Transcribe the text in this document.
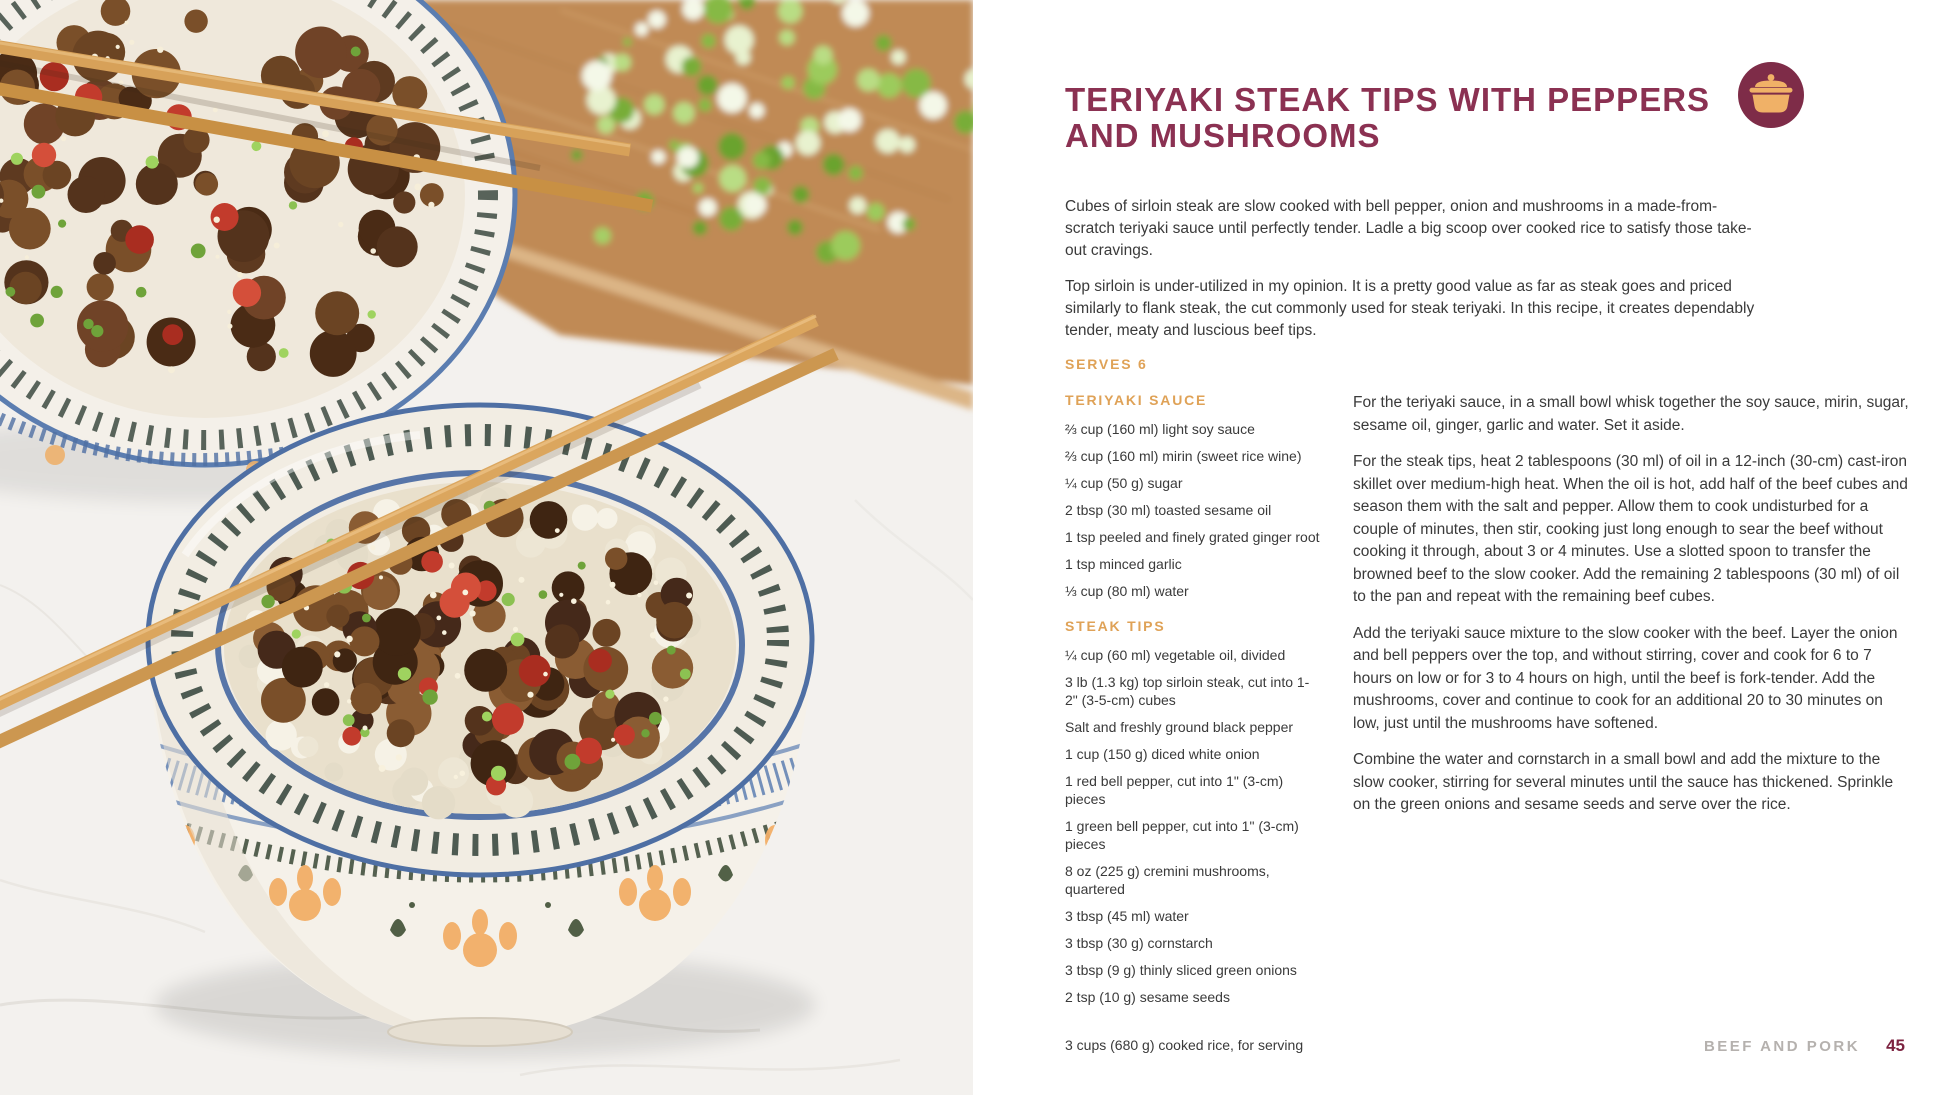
TERIYAKI STEAK TIPS WITH PEPPERS
AND MUSHROOMS

Cubes of sirloin steak are slow cooked with bell pepper, onion and mushrooms in a made-from-scratch teriyaki sauce until perfectly tender. Ladle a big scoop over cooked rice to satisfy those take-out cravings.

Top sirloin is under-utilized in my opinion. It is a pretty good value as far as steak goes and priced similarly to flank steak, the cut commonly used for steak teriyaki. In this recipe, it creates dependably tender, meaty and luscious beef tips.

SERVES 6
TERIYAKI SAUCE
⅔ cup (160 ml) light soy sauce
⅔ cup (160 ml) mirin (sweet rice wine)
¼ cup (50 g) sugar
2 tbsp (30 ml) toasted sesame oil
1 tsp peeled and finely grated ginger root
1 tsp minced garlic
⅓ cup (80 ml) water
STEAK TIPS
¼ cup (60 ml) vegetable oil, divided
3 lb (1.3 kg) top sirloin steak, cut into 1-2" (3-5-cm) cubes
Salt and freshly ground black pepper
1 cup (150 g) diced white onion
1 red bell pepper, cut into 1" (3-cm) pieces
1 green bell pepper, cut into 1" (3-cm) pieces
8 oz (225 g) cremini mushrooms, quartered
3 tbsp (45 ml) water
3 tbsp (30 g) cornstarch
3 tbsp (9 g) thinly sliced green onions
2 tsp (10 g) sesame seeds
3 cups (680 g) cooked rice, for serving

For the teriyaki sauce, in a small bowl whisk together the soy sauce, mirin, sugar, sesame oil, ginger, garlic and water. Set it aside.

For the steak tips, heat 2 tablespoons (30 ml) of oil in a 12-inch (30-cm) cast-iron skillet over medium-high heat. When the oil is hot, add half of the beef cubes and season them with the salt and pepper. Allow them to cook undisturbed for a couple of minutes, then stir, cooking just long enough to sear the beef without cooking it through, about 3 or 4 minutes. Use a slotted spoon to transfer the browned beef to the slow cooker. Add the remaining 2 tablespoons (30 ml) of oil to the pan and repeat with the remaining beef cubes.

Add the teriyaki sauce mixture to the slow cooker with the beef. Layer the onion and bell peppers over the top, and without stirring, cover and cook for 6 to 7 hours on low or for 3 to 4 hours on high, until the beef is fork-tender. Add the mushrooms, cover and continue to cook for an additional 20 to 30 minutes on low, just until the mushrooms have softened.

Combine the water and cornstarch in a small bowl and add the mixture to the slow cooker, stirring for several minutes until the sauce has thickened. Sprinkle on the green onions and sesame seeds and serve over the rice.

BEEF AND PORK 45
